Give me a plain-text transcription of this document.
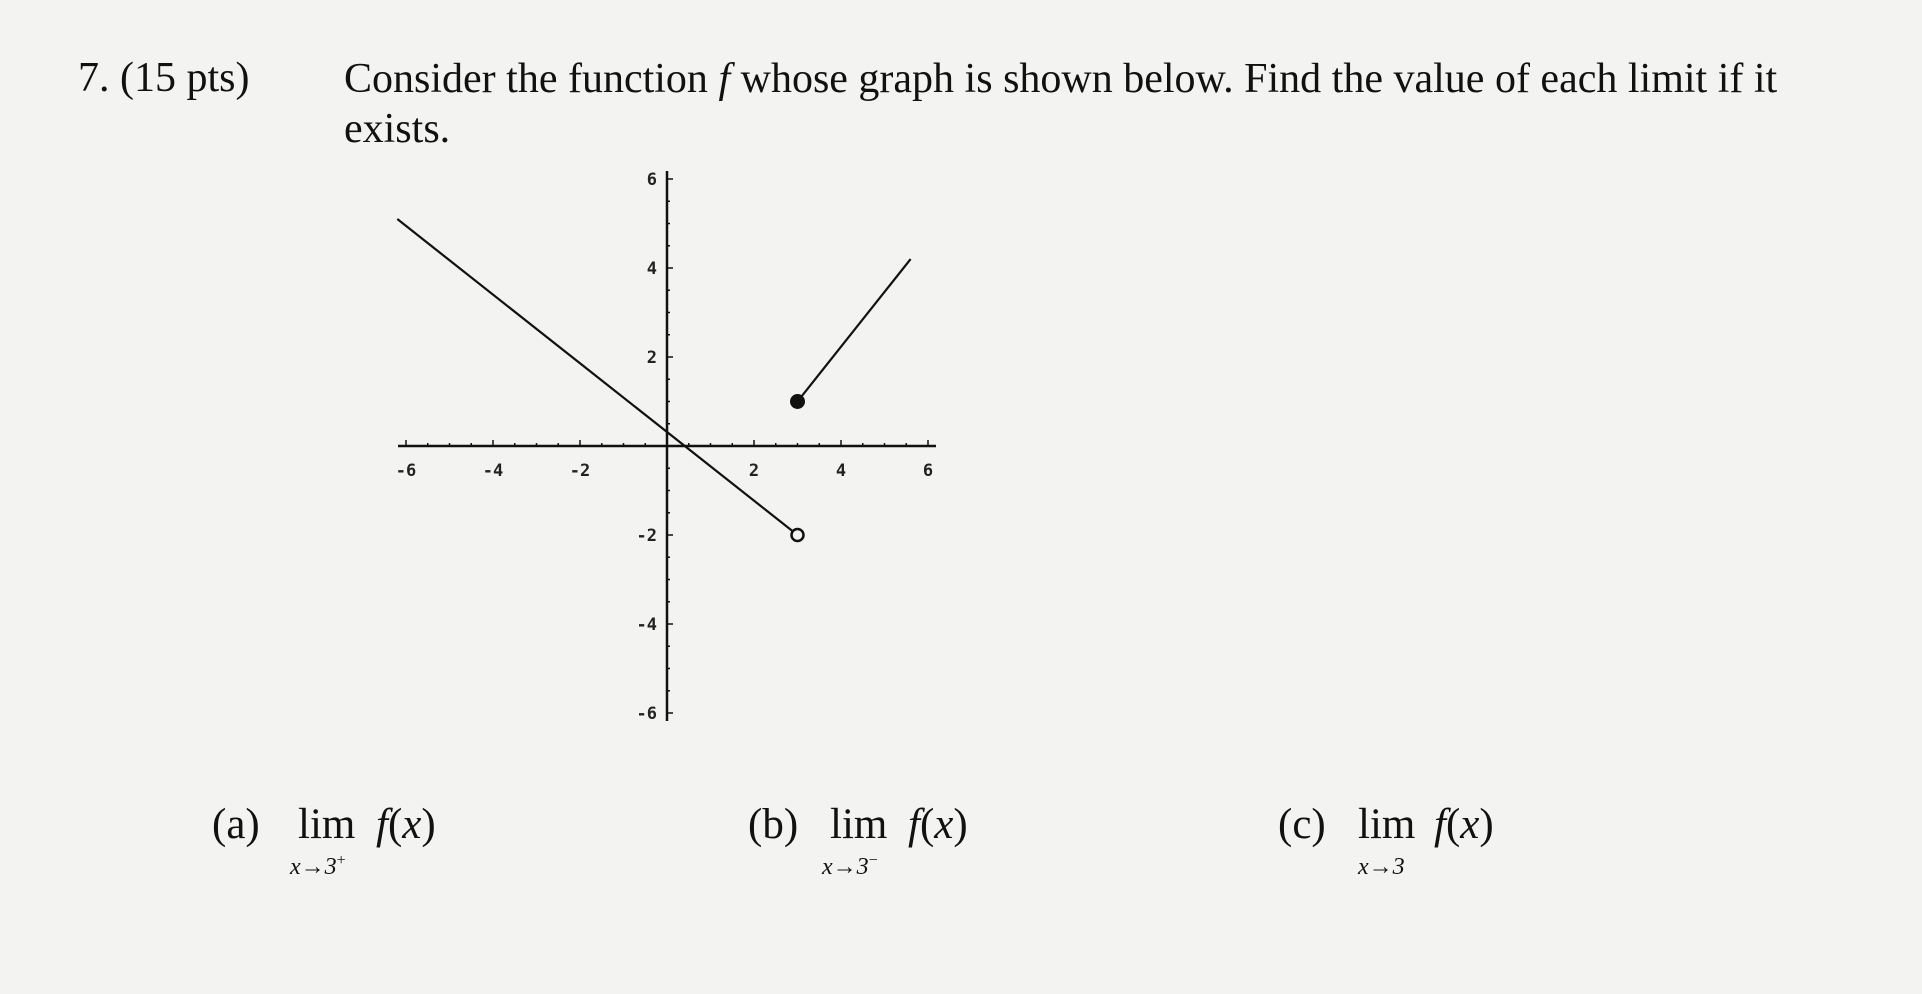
7. (15 pts) Consider the function f whose graph is shown below. Find the value of each limit if it exists.
-6	-4	-2	2	4	6
6
4
2
-2
-4
-6
(a) lim f(x)
x→3+
(b) lim f(x)
x→3−
(c) lim f(x)
x→3
